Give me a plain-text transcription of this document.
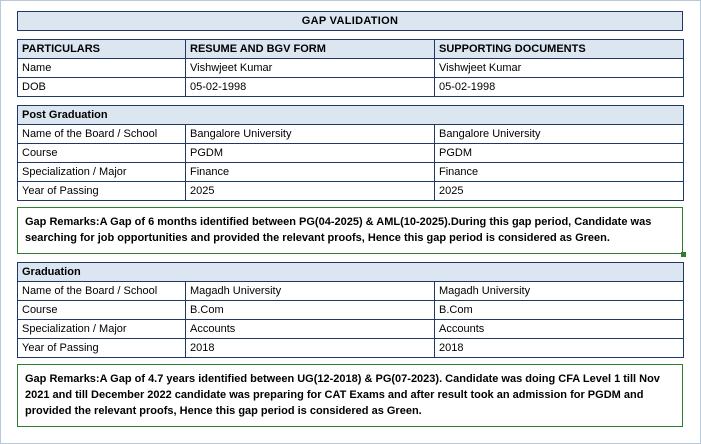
GAP VALIDATION
PARTICULARS	RESUME AND BGV FORM	SUPPORTING DOCUMENTS
Name	Vishwjeet Kumar	Vishwjeet Kumar
DOB	05-02-1998	05-02-1998
Post Graduation		
Name of the Board / School	Bangalore University	Bangalore University
Course	PGDM	PGDM
Specialization / Major	Finance	Finance
Year of Passing	2025	2025
Gap Remarks:A Gap of 6 months identified between PG(04-2025) & AML(10-2025).During this gap period, Candidate was searching for job opportunities and provided the relevant proofs, Hence this gap period is considered as Green.
Graduation		
Name of the Board / School	Magadh University	Magadh University
Course	B.Com	B.Com
Specialization / Major	Accounts	Accounts
Year of Passing	2018	2018
Gap Remarks:A Gap of 4.7 years identified between UG(12-2018) & PG(07-2023). Candidate was doing CFA Level 1 till Nov 2021 and till December 2022 candidate was preparing for CAT Exams and after result took an admission for PGDM and provided the relevant proofs, Hence this gap period is considered as Green.
